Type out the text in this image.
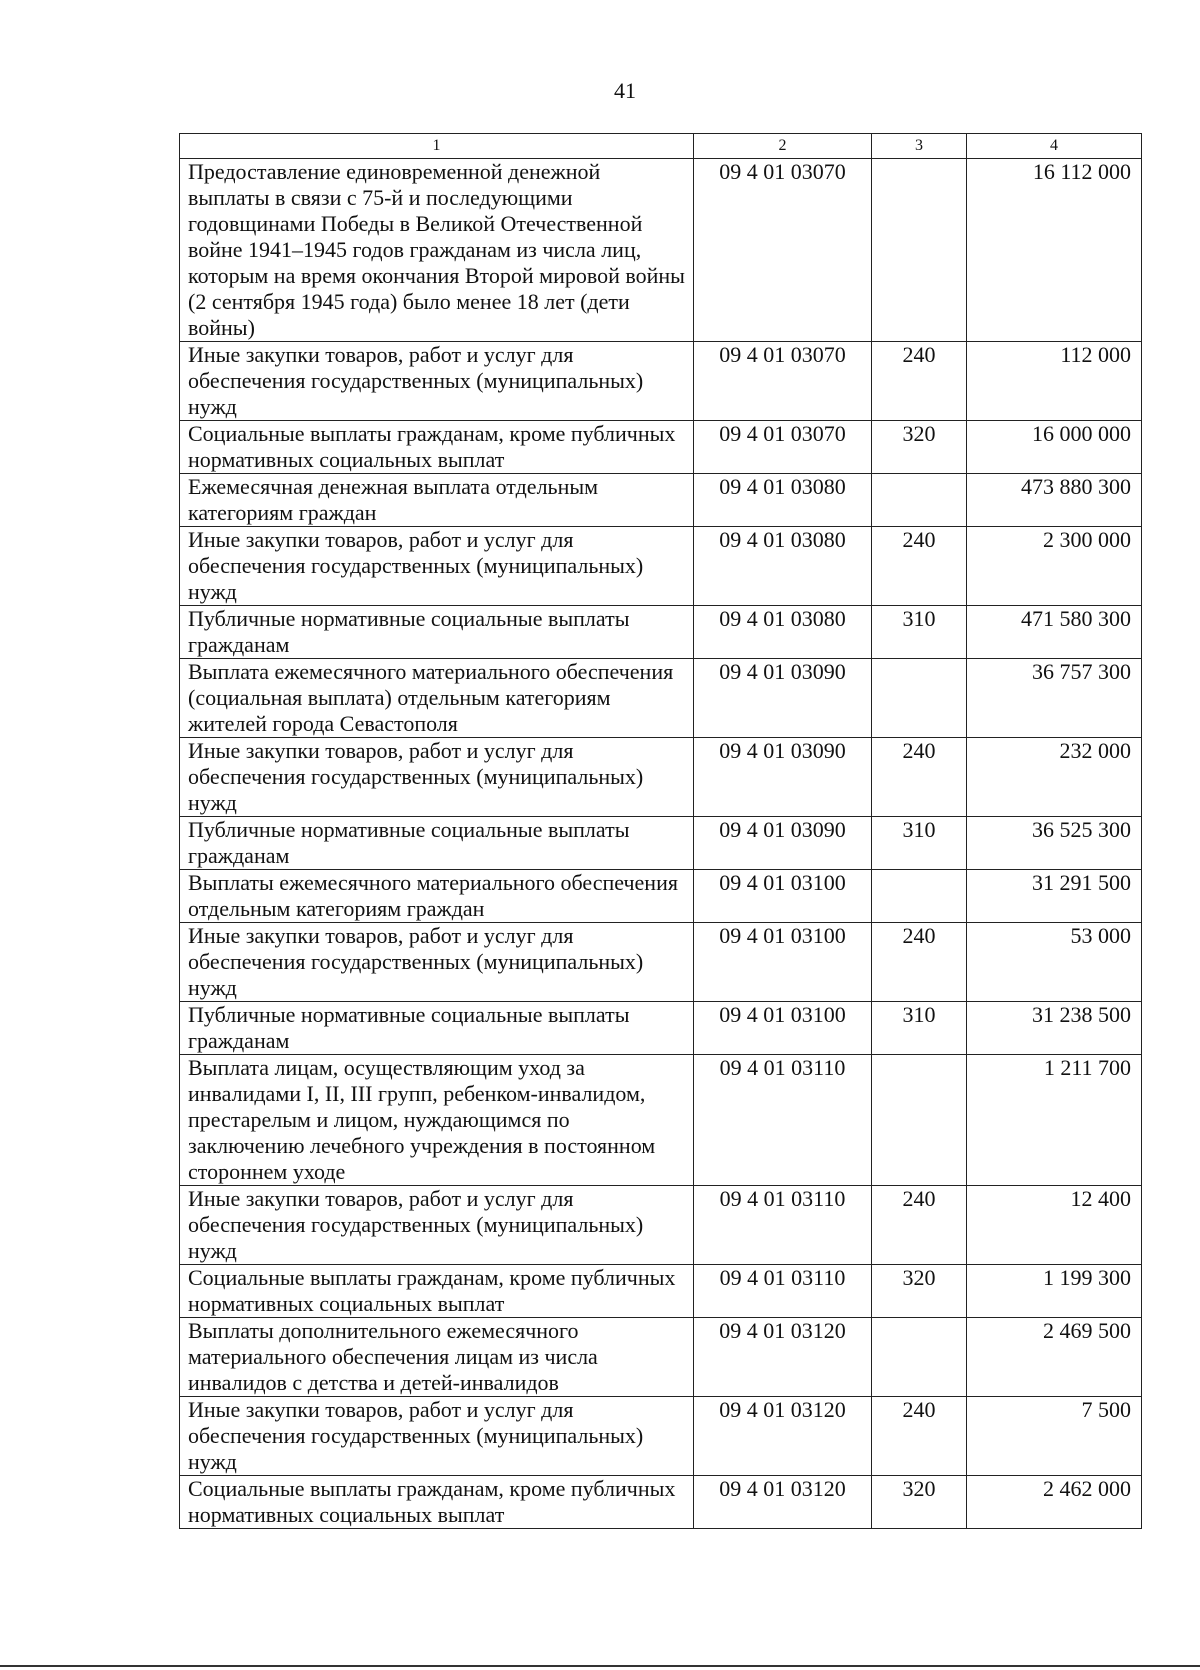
41
1	2	3	4
Предоставление единовременной денежной выплаты в связи с 75-й и последующими годовщинами Победы в Великой Отечественной войне 1941–1945 годов гражданам из числа лиц, которым на время окончания Второй мировой войны (2 сентября 1945 года) было менее 18 лет (дети войны)	09 4 01 03070		16 112 000
Иные закупки товаров, работ и услуг для обеспечения государственных (муниципальных) нужд	09 4 01 03070	240	112 000
Социальные выплаты гражданам, кроме публичных нормативных социальных выплат	09 4 01 03070	320	16 000 000
Ежемесячная денежная выплата отдельным категориям граждан	09 4 01 03080		473 880 300
Иные закупки товаров, работ и услуг для обеспечения государственных (муниципальных) нужд	09 4 01 03080	240	2 300 000
Публичные нормативные социальные выплаты гражданам	09 4 01 03080	310	471 580 300
Выплата ежемесячного материального обеспечения (социальная выплата) отдельным категориям жителей города Севастополя	09 4 01 03090		36 757 300
Иные закупки товаров, работ и услуг для обеспечения государственных (муниципальных) нужд	09 4 01 03090	240	232 000
Публичные нормативные социальные выплаты гражданам	09 4 01 03090	310	36 525 300
Выплаты ежемесячного материального обеспечения отдельным категориям граждан	09 4 01 03100		31 291 500
Иные закупки товаров, работ и услуг для обеспечения государственных (муниципальных) нужд	09 4 01 03100	240	53 000
Публичные нормативные социальные выплаты гражданам	09 4 01 03100	310	31 238 500
Выплата лицам, осуществляющим уход за инвалидами I, II, III групп, ребенком-инвалидом, престарелым и лицом, нуждающимся по заключению лечебного учреждения в постоянном стороннем уходе	09 4 01 03110		1 211 700
Иные закупки товаров, работ и услуг для обеспечения государственных (муниципальных) нужд	09 4 01 03110	240	12 400
Социальные выплаты гражданам, кроме публичных нормативных социальных выплат	09 4 01 03110	320	1 199 300
Выплаты дополнительного ежемесячного материального обеспечения лицам из числа инвалидов с детства и детей-инвалидов	09 4 01 03120		2 469 500
Иные закупки товаров, работ и услуг для обеспечения государственных (муниципальных) нужд	09 4 01 03120	240	7 500
Социальные выплаты гражданам, кроме публичных нормативных социальных выплат	09 4 01 03120	320	2 462 000
